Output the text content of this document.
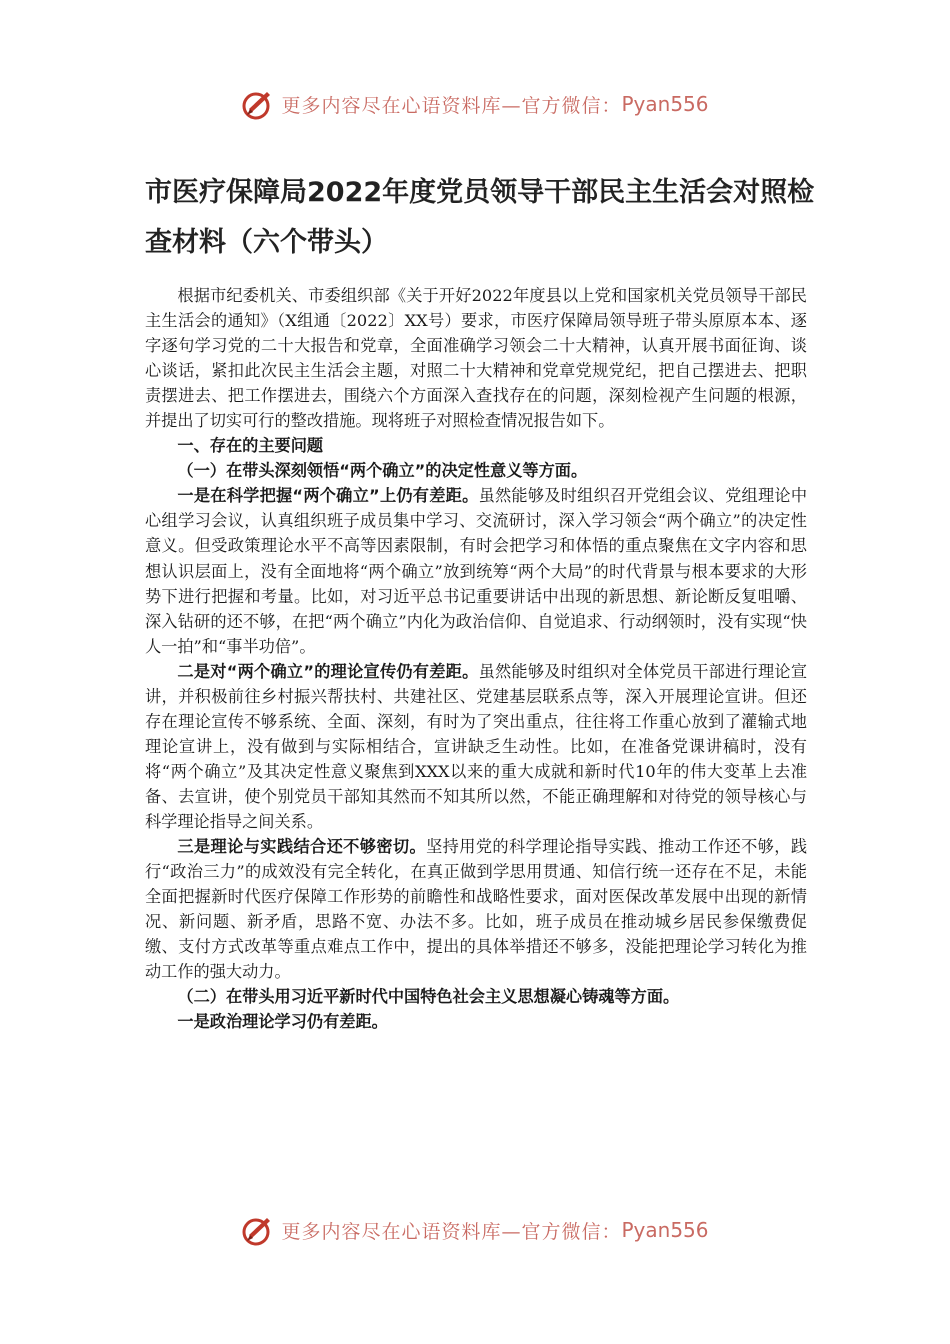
更多内容尽在心语资料库—官方微信： Pyan556
市医疗保障局2022年度党员领导干部民主生活会对照检查材料（六个带头）

根据市纪委机关、市委组织部《关于开好2022年度县以上党和国家机关党员领导干部民主生活会的通知》（X组通〔2022〕XX号）要求，市医疗保障局领导班子带头原原本本、逐字逐句学习党的二十大报告和党章，全面准确学习领会二十大精神，认真开展书面征询、谈心谈话，紧扣此次民主生活会主题，对照二十大精神和党章党规党纪，把自己摆进去、把职责摆进去、把工作摆进去，围绕六个方面深入查找存在的问题，深刻检视产生问题的根源，并提出了切实可行的整改措施。现将班子对照检查情况报告如下。

一、存在的主要问题

（一）在带头深刻领悟“两个确立”的决定性意义等方面。

一是在科学把握“两个确立”上仍有差距。虽然能够及时组织召开党组会议、党组理论中心组学习会议，认真组织班子成员集中学习、交流研讨，深入学习领会“两个确立”的决定性意义。但受政策理论水平不高等因素限制，有时会把学习和体悟的重点聚焦在文字内容和思想认识层面上，没有全面地将“两个确立”放到统筹“两个大局”的时代背景与根本要求的大形势下进行把握和考量。比如，对习近平总书记重要讲话中出现的新思想、新论断反复咀嚼、深入钻研的还不够，在把“两个确立”内化为政治信仰、自觉追求、行动纲领时，没有实现“快人一拍”和“事半功倍”。

二是对“两个确立”的理论宣传仍有差距。虽然能够及时组织对全体党员干部进行理论宣讲，并积极前往乡村振兴帮扶村、共建社区、党建基层联系点等，深入开展理论宣讲。但还存在理论宣传不够系统、全面、深刻，有时为了突出重点，往往将工作重心放到了灌输式地理论宣讲上，没有做到与实际相结合，宣讲缺乏生动性。比如，在准备党课讲稿时，没有将“两个确立”及其决定性意义聚焦到XXX以来的重大成就和新时代10年的伟大变革上去准备、去宣讲，使个别党员干部知其然而不知其所以然，不能正确理解和对待党的领导核心与科学理论指导之间关系。

三是理论与实践结合还不够密切。坚持用党的科学理论指导实践、推动工作还不够，践行“政治三力”的成效没有完全转化，在真正做到学思用贯通、知信行统一还存在不足，未能全面把握新时代医疗保障工作形势的前瞻性和战略性要求，面对医保改革发展中出现的新情况、新问题、新矛盾，思路不宽、办法不多。比如，班子成员在推动城乡居民参保缴费促缴、支付方式改革等重点难点工作中，提出的具体举措还不够多，没能把理论学习转化为推动工作的强大动力。

（二）在带头用习近平新时代中国特色社会主义思想凝心铸魂等方面。

一是政治理论学习仍有差距。

更多内容尽在心语资料库—官方微信： Pyan556
